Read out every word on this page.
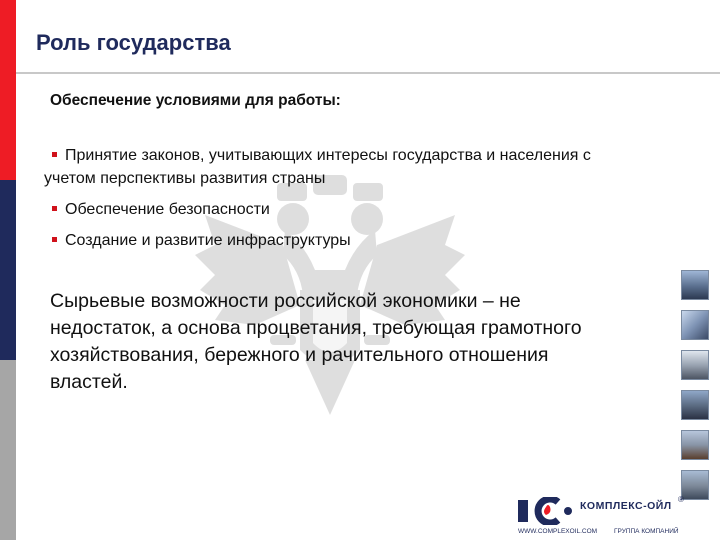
Роль государства
Обеспечение условиями для работы:
Принятие законов, учитывающих интересы государства и населения с учетом перспективы развития страны
Обеспечение безопасности
Создание и развитие инфраструктуры

Сырьевые возможности российской экономики – не недостаток, а основа процветания, требующая грамотного хозяйствования, бережного и рачительного отношения властей.

КОМПЛЕКС-ОЙЛ
®
WWW.COMPLEXOIL.COM	ГРУППА КОМПАНИЙ
